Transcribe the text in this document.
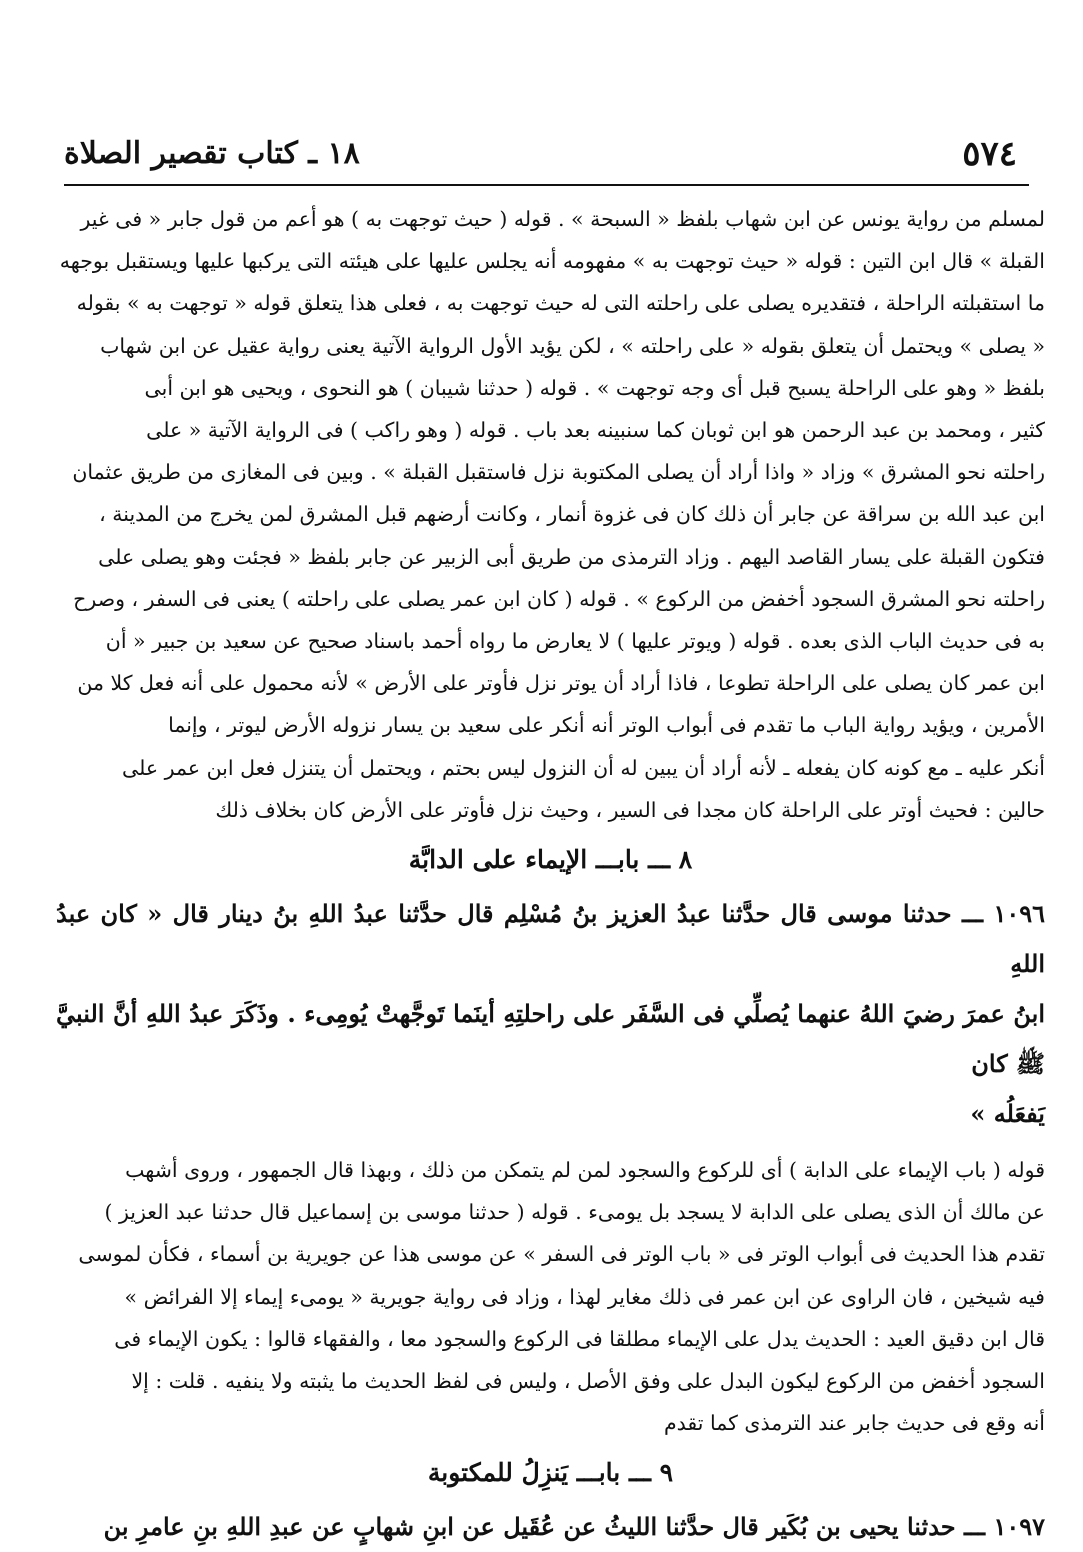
٥٧٤
١٨ ـ كتاب تقصير الصلاة

لمسلم من رواية يونس عن ابن شهاب بلفظ « السبحة » . قوله ( حيث توجهت به ) هو أعم من قول جابر « فى غير

القبلة » قال ابن التين : قوله « حيث توجهت به » مفهومه أنه يجلس عليها على هيئته التى يركبها عليها ويستقبل بوجهه

ما استقبلته الراحلة ، فتقديره يصلى على راحلته التى له حيث توجهت به ، فعلى هذا يتعلق قوله « توجهت به » بقوله

« يصلى » ويحتمل أن يتعلق بقوله « على راحلته » ، لكن يؤيد الأول الرواية الآتية يعنى رواية عقيل عن ابن شهاب

بلفظ « وهو على الراحلة يسبح قبل أى وجه توجهت » . قوله ( حدثنا شيبان ) هو النحوى ، ويحيى هو ابن أبى

كثير ، ومحمد بن عبد الرحمن هو ابن ثوبان كما سنبينه بعد باب . قوله ( وهو راكب ) فى الرواية الآتية « على

راحلته نحو المشرق » وزاد « واذا أراد أن يصلى المكتوبة نزل فاستقبل القبلة » . وبين فى المغازى من طريق عثمان

ابن عبد الله بن سراقة عن جابر أن ذلك كان فى غزوة أنمار ، وكانت أرضهم قبل المشرق لمن يخرج من المدينة ،

فتكون القبلة على يسار القاصد اليهم . وزاد الترمذى من طريق أبى الزبير عن جابر بلفظ « فجئت وهو يصلى على

راحلته نحو المشرق السجود أخفض من الركوع » . قوله ( كان ابن عمر يصلى على راحلته ) يعنى فى السفر ، وصرح

به فى حديث الباب الذى بعده . قوله ( ويوتر عليها ) لا يعارض ما رواه أحمد باسناد صحيح عن سعيد بن جبير « أن

ابن عمر كان يصلى على الراحلة تطوعا ، فاذا أراد أن يوتر نزل فأوتر على الأرض » لأنه محمول على أنه فعل كلا من

الأمرين ، ويؤيد رواية الباب ما تقدم فى أبواب الوتر أنه أنكر على سعيد بن يسار نزوله الأرض ليوتر ، وإنما

أنكر عليه ـ مع كونه كان يفعله ـ لأنه أراد أن يبين له أن النزول ليس بحتم ، ويحتمل أن يتنزل فعل ابن عمر على

حالين : فحيث أوتر على الراحلة كان مجدا فى السير ، وحيث نزل فأوتر على الأرض كان بخلاف ذلك

٨ ـــ بابـــ الإيماء على الدابَّة

١٠٩٦ ـــ حدثنا موسى قال حدَّثنا عبدُ العزيز بنُ مُسْلِم قال حدَّثنا عبدُ اللهِ بنُ دينار قال « كان عبدُ اللهِ

ابنُ عمرَ رضيَ اللهُ عنهما يُصلِّي فى السَّفَر على راحلتِهِ أينَما تَوجَّهتْ يُومِىء . وذَكَرَ عبدُ اللهِ أنَّ النبيَّ ﷺ كان

يَفعَلُه »

قوله ( باب الإيماء على الدابة ) أى للركوع والسجود لمن لم يتمكن من ذلك ، وبهذا قال الجمهور ، وروى أشهب

عن مالك أن الذى يصلى على الدابة لا يسجد بل يومىء . قوله ( حدثنا موسى بن إسماعيل قال حدثنا عبد العزيز )

تقدم هذا الحديث فى أبواب الوتر فى « باب الوتر فى السفر » عن موسى هذا عن جويرية بن أسماء ، فكأن لموسى

فيه شيخين ، فان الراوى عن ابن عمر فى ذلك مغاير لهذا ، وزاد فى رواية جويرية « يومىء إيماء إلا الفرائض »

قال ابن دقيق العيد : الحديث يدل على الإيماء مطلقا فى الركوع والسجود معا ، والفقهاء قالوا : يكون الإيماء فى

السجود أخفض من الركوع ليكون البدل على وفق الأصل ، وليس فى لفظ الحديث ما يثبته ولا ينفيه . قلت : إلا

أنه وقع فى حديث جابر عند الترمذى كما تقدم

٩ ـــ بابـــ يَنزِلُ للمكتوبة

١٠٩٧ ـــ حدثنا يحيى بن بُكَير قال حدَّثنا الليثُ عن عُقَيل عن ابنِ شهابٍ عن عبدِ اللهِ بنِ عامرِ بن
